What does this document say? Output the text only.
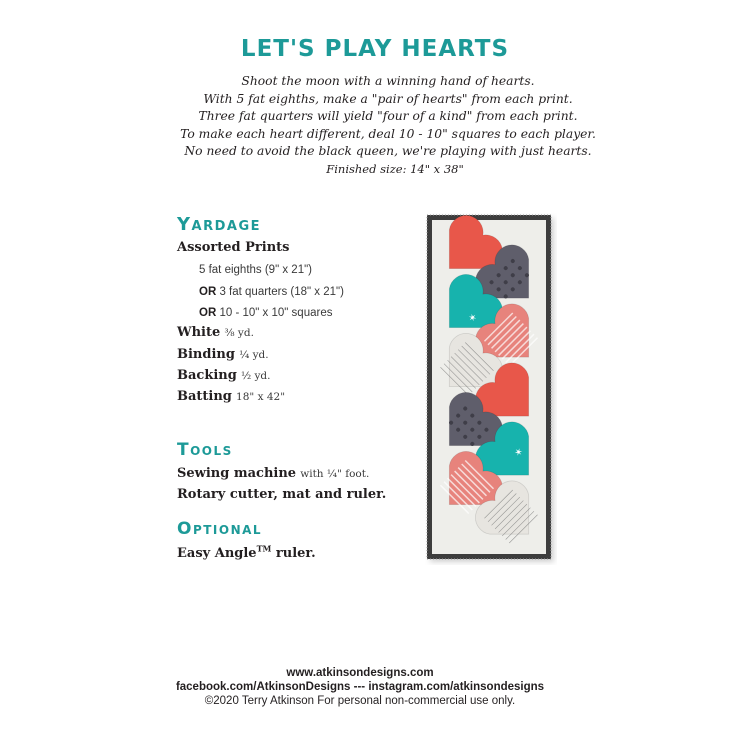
LET'S PLAY HEARTS
Shoot the moon with a winning hand of hearts.
With 5 fat eighths, make a "pair of hearts" from each print.
Three fat quarters will yield "four of a kind" from each print.
To make each heart different, deal 10 - 10" squares to each player.
No need to avoid the black queen, we're playing with just hearts.
Finished size: 14" x 38"
Yardage
Assorted Prints
5 fat eighths (9" x 21")
OR 3 fat quarters (18" x 21")
OR 10 - 10" x 10" squares
White ⅜ yd.
Binding ¼ yd.
Backing ½ yd.
Batting 18" x 42"
Tools
Sewing machine with ¼" foot.
Rotary cutter, mat and ruler.
Optional
Easy Angle™ ruler.
✶
✶
www.atkinsondesigns.com
facebook.com/AtkinsonDesigns --- instagram.com/atkinsondesigns
©2020 Terry Atkinson For personal non-commercial use only.
